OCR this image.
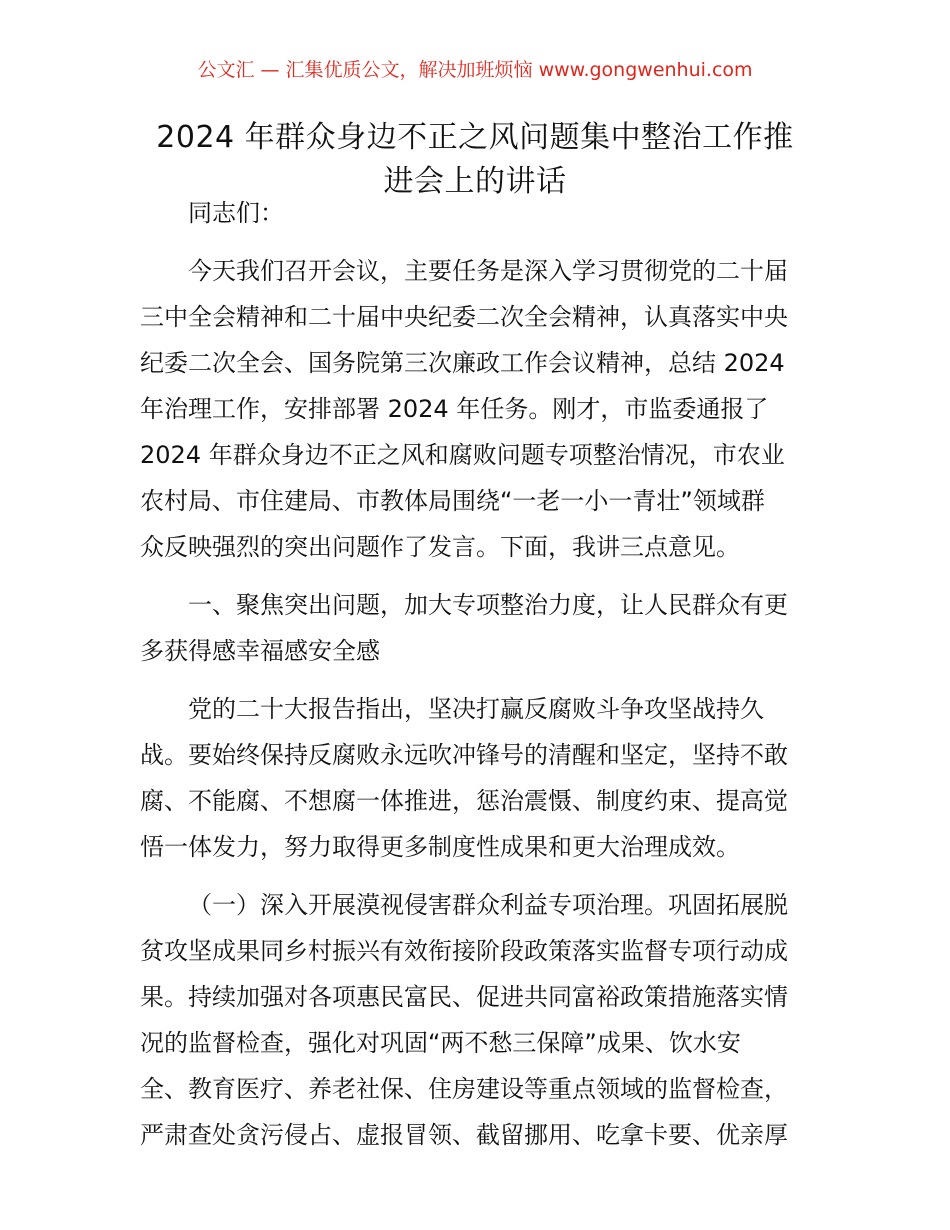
公文汇 — 汇集优质公文，解决加班烦恼 www.gongwenhui.com
2024 年群众身边不正之风问题集中整治工作推
进会上的讲话
同志们：
今天我们召开会议，主要任务是深入学习贯彻党的二十届
三中全会精神和二十届中央纪委二次全会精神，认真落实中央
纪委二次全会、国务院第三次廉政工作会议精神，总结 2024
年治理工作，安排部署 2024 年任务。刚才，市监委通报了
2024 年群众身边不正之风和腐败问题专项整治情况，市农业
农村局、市住建局、市教体局围绕“一老一小一青壮”领域群
众反映强烈的突出问题作了发言。下面，我讲三点意见。
一、聚焦突出问题，加大专项整治力度，让人民群众有更
多获得感幸福感安全感
党的二十大报告指出，坚决打赢反腐败斗争攻坚战持久
战。要始终保持反腐败永远吹冲锋号的清醒和坚定，坚持不敢
腐、不能腐、不想腐一体推进，惩治震慑、制度约束、提高觉
悟一体发力，努力取得更多制度性成果和更大治理成效。
（一）深入开展漠视侵害群众利益专项治理。巩固拓展脱
贫攻坚成果同乡村振兴有效衔接阶段政策落实监督专项行动成
果。持续加强对各项惠民富民、促进共同富裕政策措施落实情
况的监督检查，强化对巩固“两不愁三保障”成果、饮水安
全、教育医疗、养老社保、住房建设等重点领域的监督检查，
严肃查处贪污侵占、虚报冒领、截留挪用、吃拿卡要、优亲厚
